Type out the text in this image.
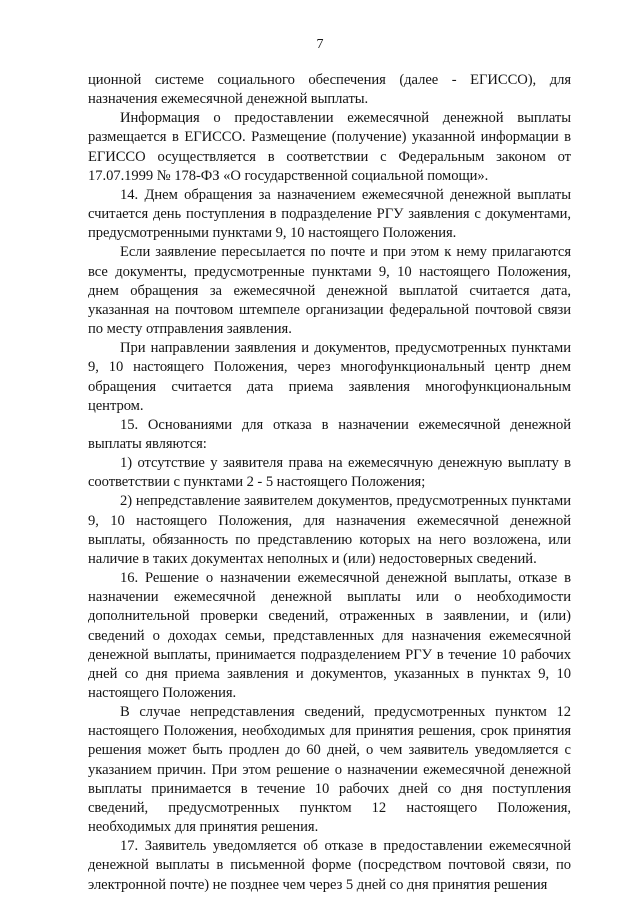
7

ционной системе социального обеспечения (далее - ЕГИССО), для назначения ежемесячной денежной выплаты.

Информация о предоставлении ежемесячной денежной выплаты размещается в ЕГИССО. Размещение (получение) указанной информации в ЕГИССО осуществляется в соответствии с Федеральным законом от 17.07.1999 № 178-ФЗ «О государственной социальной помощи».

14. Днем обращения за назначением ежемесячной денежной выплаты считается день поступления в подразделение РГУ заявления с документами, предусмотренными пунктами 9, 10 настоящего Положения.

Если заявление пересылается по почте и при этом к нему прилагаются все документы, предусмотренные пунктами 9, 10 настоящего Положения, днем обращения за ежемесячной денежной выплатой считается дата, указанная на почтовом штемпеле организации федеральной почтовой связи по месту отправления заявления.

При направлении заявления и документов, предусмотренных пунктами 9, 10 настоящего Положения, через многофункциональный центр днем обращения считается дата приема заявления многофункциональным центром.

15. Основаниями для отказа в назначении ежемесячной денежной выплаты являются:

1) отсутствие у заявителя права на ежемесячную денежную выплату в соответствии с пунктами 2 - 5 настоящего Положения;

2) непредставление заявителем документов, предусмотренных пунктами 9, 10 настоящего Положения, для назначения ежемесячной денежной выплаты, обязанность по представлению которых на него возложена, или наличие в таких документах неполных и (или) недостоверных сведений.

16. Решение о назначении ежемесячной денежной выплаты, отказе в назначении ежемесячной денежной выплаты или о необходимости дополнительной проверки сведений, отраженных в заявлении, и (или) сведений о доходах семьи, представленных для назначения ежемесячной денежной выплаты, принимается подразделением РГУ в течение 10 рабочих дней со дня приема заявления и документов, указанных в пунктах 9, 10 настоящего Положения.

В случае непредставления сведений, предусмотренных пунктом 12 настоящего Положения, необходимых для принятия решения, срок принятия решения может быть продлен до 60 дней, о чем заявитель уведомляется с указанием причин. При этом решение о назначении ежемесячной денежной выплаты принимается в течение 10 рабочих дней со дня поступления сведений, предусмотренных пунктом 12 настоящего Положения, необходимых для принятия решения.

17. Заявитель уведомляется об отказе в предоставлении ежемесячной денежной выплаты в письменной форме (посредством почтовой связи, по электронной почте) не позднее чем через 5 дней со дня принятия решения
